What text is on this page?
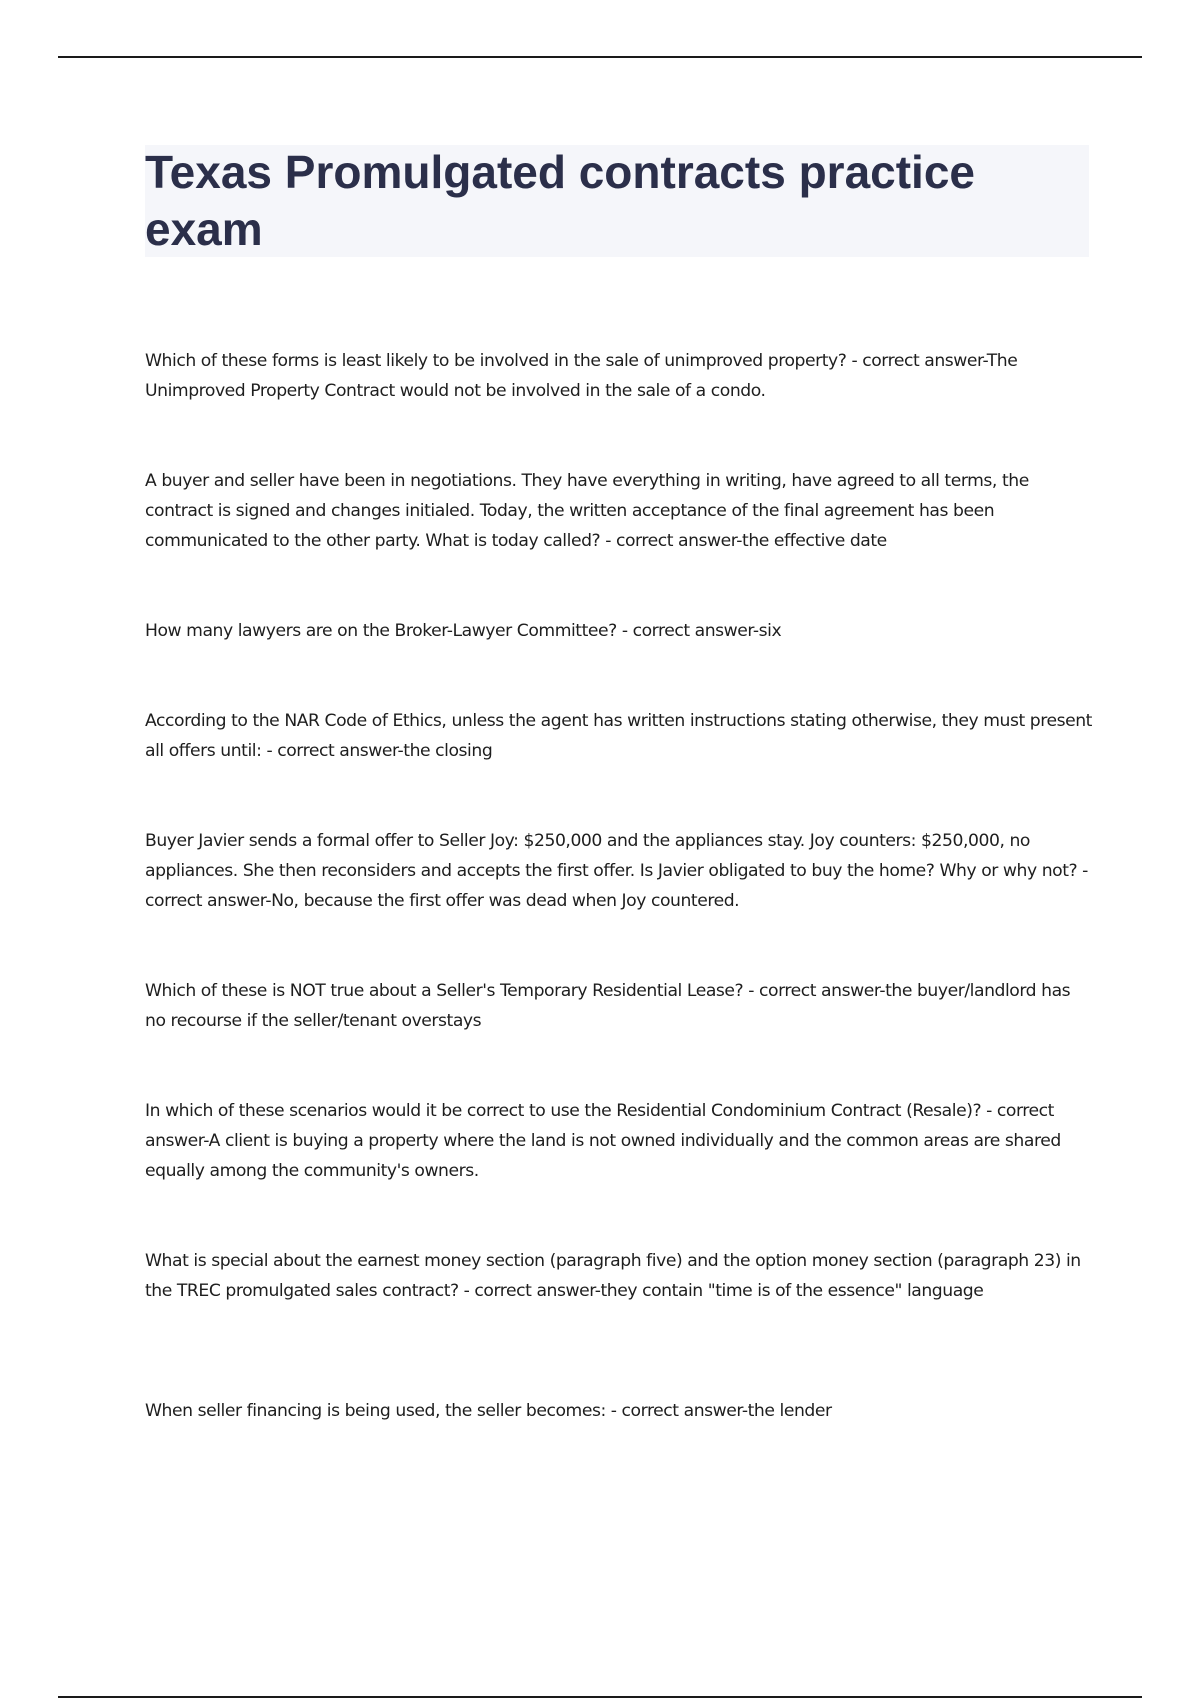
Texas Promulgated contracts practice exam

Which of these forms is least likely to be involved in the sale of unimproved property? - correct answer-The Unimproved Property Contract would not be involved in the sale of a condo.

A buyer and seller have been in negotiations. They have everything in writing, have agreed to all terms, the contract is signed and changes initialed. Today, the written acceptance of the final agreement has been communicated to the other party. What is today called? - correct answer-the effective date

How many lawyers are on the Broker-Lawyer Committee? - correct answer-six

According to the NAR Code of Ethics, unless the agent has written instructions stating otherwise, they must present all offers until: - correct answer-the closing

Buyer Javier sends a formal offer to Seller Joy: $250,000 and the appliances stay. Joy counters: $250,000, no appliances. She then reconsiders and accepts the first offer. Is Javier obligated to buy the home? Why or why not? - correct answer-No, because the first offer was dead when Joy countered.

Which of these is NOT true about a Seller's Temporary Residential Lease? - correct answer-the buyer/landlord has no recourse if the seller/tenant overstays

In which of these scenarios would it be correct to use the Residential Condominium Contract (Resale)? - correct answer-A client is buying a property where the land is not owned individually and the common areas are shared equally among the community's owners.

What is special about the earnest money section (paragraph five) and the option money section (paragraph 23) in the TREC promulgated sales contract? - correct answer-they contain "time is of the essence" language

When seller financing is being used, the seller becomes: - correct answer-the lender
